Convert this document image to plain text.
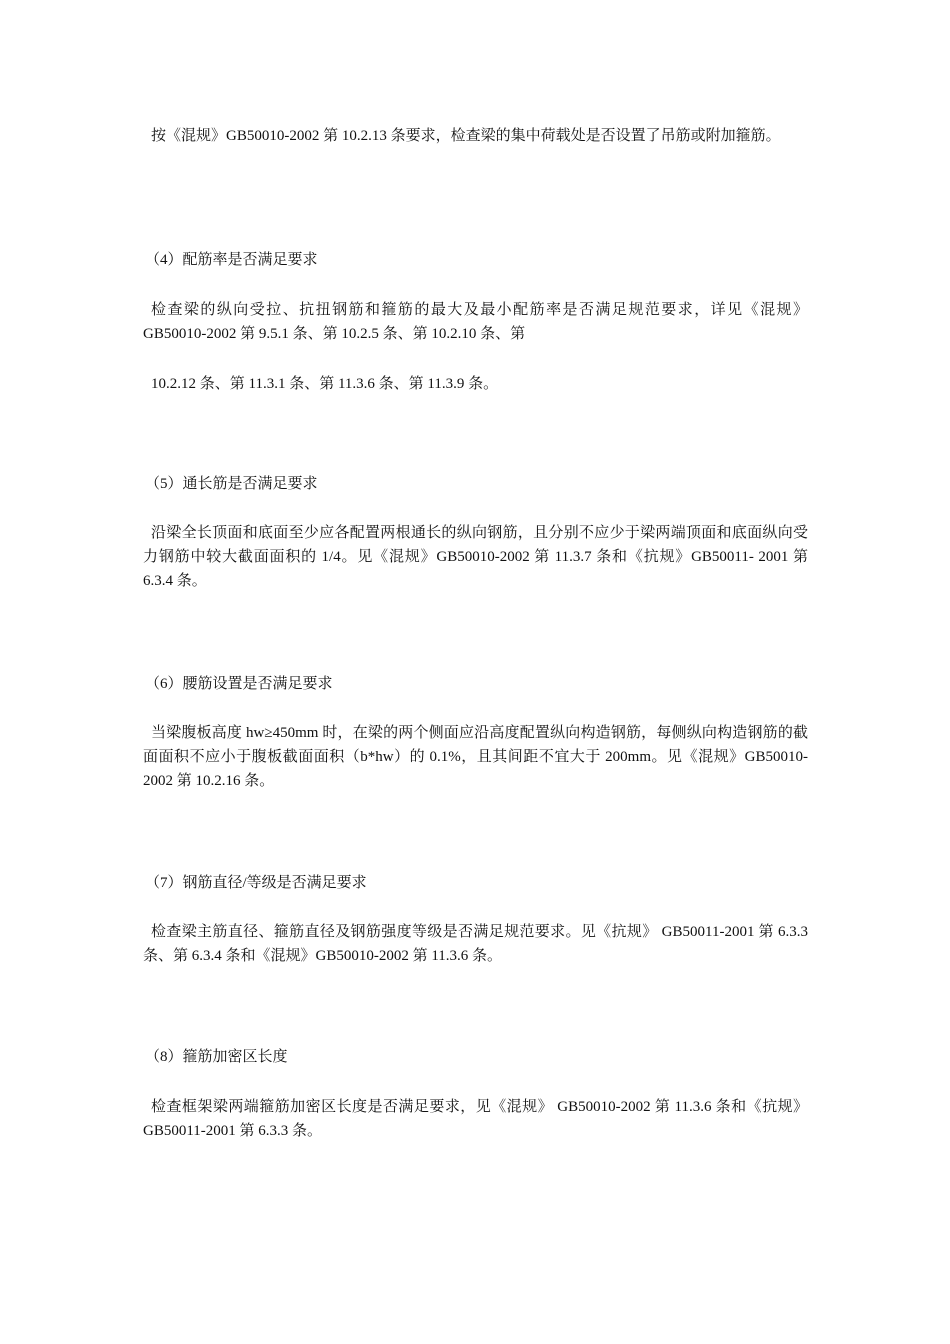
按《混规》GB50010-2002 第 10.2.13 条要求，检查梁的集中荷载处是否设置了吊筋或附加箍筋。

（4）配筋率是否满足要求

检查梁的纵向受拉、抗扭钢筋和箍筋的最大及最小配筋率是否满足规范要求，详见《混规》GB50010-2002 第 9.5.1 条、第 10.2.5 条、第 10.2.10 条、第

10.2.12 条、第 11.3.1 条、第 11.3.6 条、第 11.3.9 条。

（5）通长筋是否满足要求

沿梁全长顶面和底面至少应各配置两根通长的纵向钢筋，且分别不应少于梁两端顶面和底面纵向受力钢筋中较大截面面积的 1/4。见《混规》GB50010-2002 第 11.3.7 条和《抗规》GB50011- 2001 第 6.3.4 条。

（6）腰筋设置是否满足要求

当梁腹板高度 hw≥450mm 时，在梁的两个侧面应沿高度配置纵向构造钢筋，每侧纵向构造钢筋的截面面积不应小于腹板截面面积（b*hw）的 0.1%，且其间距不宜大于 200mm。见《混规》GB50010-2002 第 10.2.16 条。

（7）钢筋直径/等级是否满足要求

检查梁主筋直径、箍筋直径及钢筋强度等级是否满足规范要求。见《抗规》 GB50011-2001 第 6.3.3 条、第 6.3.4 条和《混规》GB50010-2002 第 11.3.6 条。

（8）箍筋加密区长度

检查框架梁两端箍筋加密区长度是否满足要求，见《混规》 GB50010-2002 第 11.3.6 条和《抗规》GB50011-2001 第 6.3.3 条。
